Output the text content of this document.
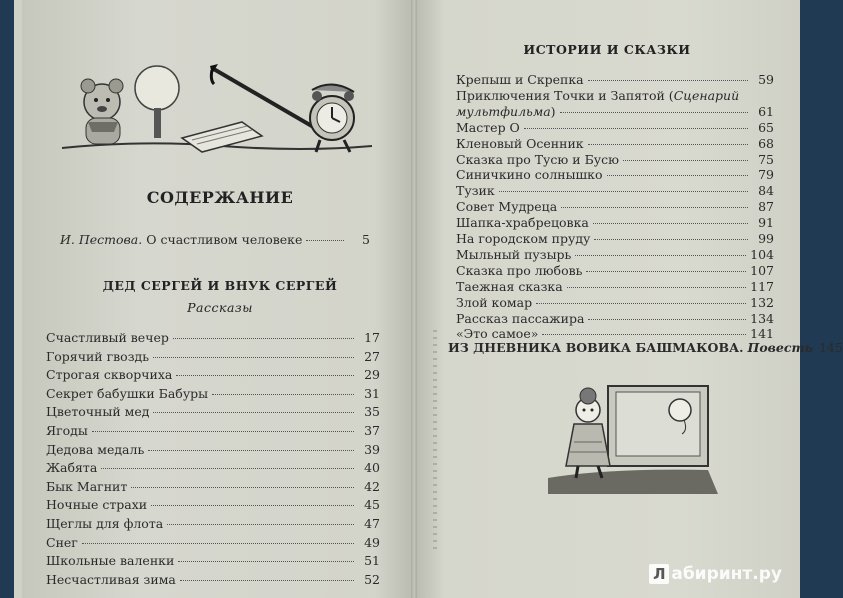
СОДЕРЖАНИЕ
И. Пестова. О счастливом человеке	5
ДЕД СЕРГЕЙ И ВНУК СЕРГЕЙ
Рассказы
Счастливый вечер	17
Горячий гвоздь	27
Строгая скворчиха	29
Секрет бабушки Бабуры	31
Цветочный мед	35
Ягоды	37
Дедова медаль	39
Жабята	40
Бык Магнит	42
Ночные страхи	45
Щеглы для флота	47
Снег	49
Школьные валенки	51
Несчастливая зима	52
ИСТОРИИ И СКАЗКИ
Крепыш и Скрепка	59
Приключения Точки и Запятой (Сценарий
мультфильма)	61
Мастер О	65
Кленовый Осенник	68
Сказка про Тусю и Бусю	75
Синичкино солнышко	79
Тузик	84
Совет Мудреца	87
Шапка-храбрецовка	91
На городском пруду	99
Мыльный пузырь	104
Сказка про любовь	107
Таежная сказка	117
Злой комар	132
Рассказ пассажира	134
«Это самое»	141
ИЗ ДНЕВНИКА ВОВИКА БАШМАКОВА. Повесть 145
Л абиринт.ру
